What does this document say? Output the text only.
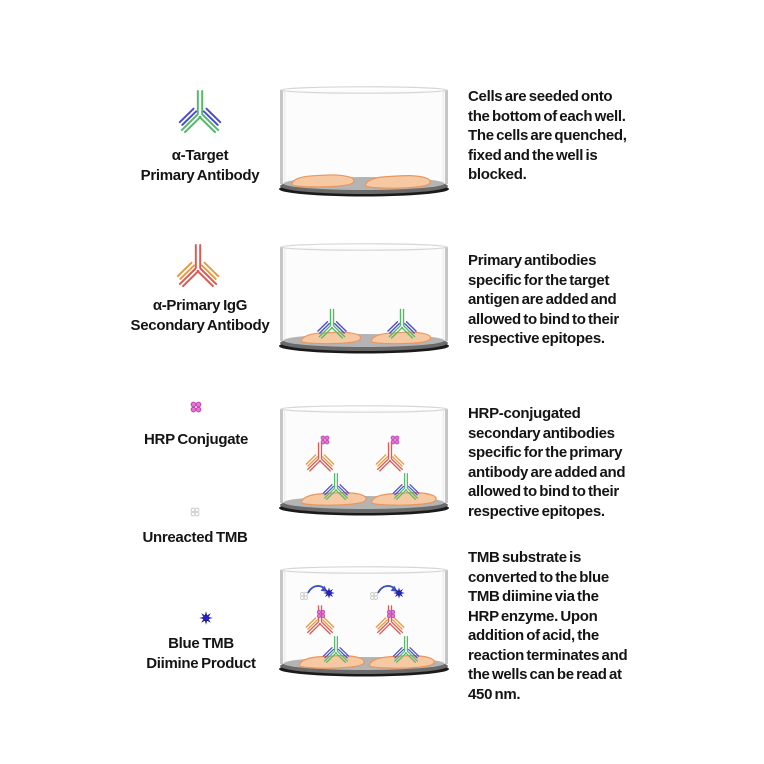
α-Target
Primary Antibody
Cells are seeded onto
the bottom of each well.
The cells are quenched,
fixed and the well is
blocked.
α-Primary IgG
Secondary Antibody
Primary antibodies
specific for the target
antigen are added and
allowed to bind to their
respective epitopes.
HRP Conjugate
Unreacted TMB
HRP-conjugated
secondary antibodies
specific for the primary
antibody are added and
allowed to bind to their
respective epitopes.
Blue TMB
Diimine Product
TMB substrate is
converted to the blue
TMB diimine via the
HRP enzyme. Upon
addition of acid, the
reaction terminates and
the wells can be read at
450 nm.
